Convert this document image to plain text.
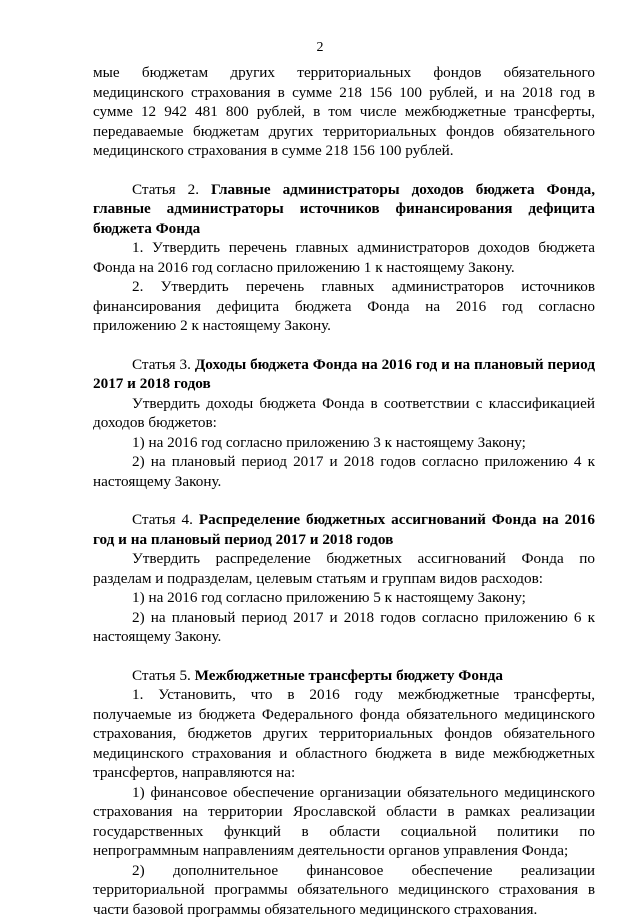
2

мые бюджетам других территориальных фондов обязательного медицинского страхования в сумме 218 156 100 рублей, и на 2018 год в сумме 12 942 481 800 рублей, в том числе межбюджетные трансферты, передаваемые бюджетам других территориальных фондов обязательного медицинского страхования в сумме 218 156 100 рублей.

Статья 2. Главные администраторы доходов бюджета Фонда, главные администраторы источников финансирования дефицита бюджета Фонда

1. Утвердить перечень главных администраторов доходов бюджета Фонда на 2016 год согласно приложению 1 к настоящему Закону.

2. Утвердить перечень главных администраторов источников финансирования дефицита бюджета Фонда на 2016 год согласно приложению 2 к настоящему Закону.

Статья 3. Доходы бюджета Фонда на 2016 год и на плановый период 2017 и 2018 годов

Утвердить доходы бюджета Фонда в соответствии с классификацией доходов бюджетов:

1) на 2016 год согласно приложению 3 к настоящему Закону;

2) на плановый период 2017 и 2018 годов согласно приложению 4 к настоящему Закону.

Статья 4. Распределение бюджетных ассигнований Фонда на 2016 год и на плановый период 2017 и 2018 годов

Утвердить распределение бюджетных ассигнований Фонда по разделам и подразделам, целевым статьям и группам видов расходов:

1) на 2016 год согласно приложению 5 к настоящему Закону;

2) на плановый период 2017 и 2018 годов согласно приложению 6 к настоящему Закону.

Статья 5. Межбюджетные трансферты бюджету Фонда

1. Установить, что в 2016 году межбюджетные трансферты, получаемые из бюджета Федерального фонда обязательного медицинского страхования, бюджетов других территориальных фондов обязательного медицинского страхования и областного бюджета в виде межбюджетных трансфертов, направляются на:

1) финансовое обеспечение организации обязательного медицинского страхования на территории Ярославской области в рамках реализации государственных функций в области социальной политики по непрограммным направлениям деятельности органов управления Фонда;

2) дополнительное финансовое обеспечение реализации территориальной программы обязательного медицинского страхования в части базовой программы обязательного медицинского страхования.
